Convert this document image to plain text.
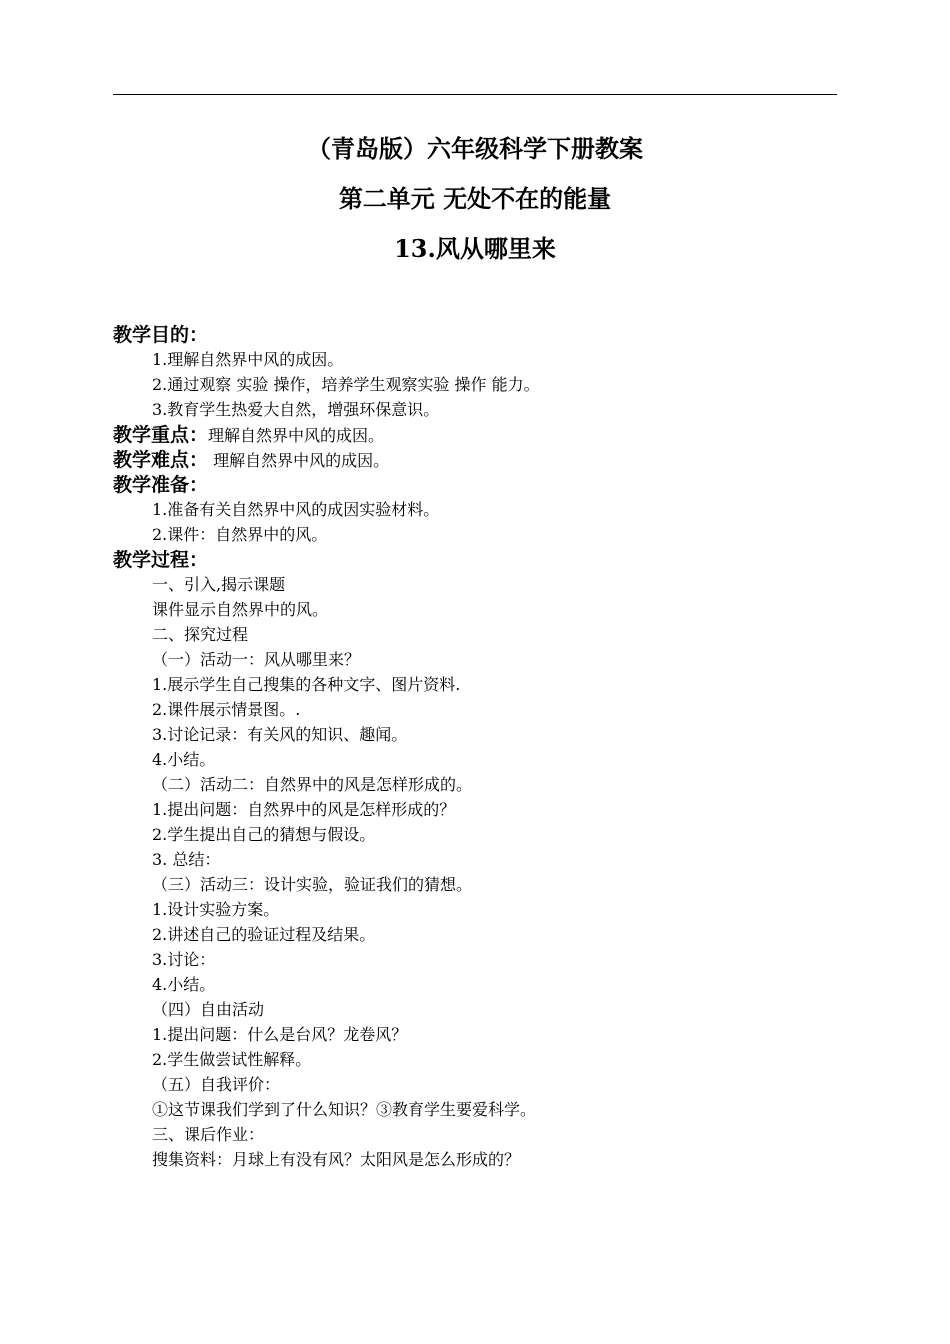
（青岛版）六年级科学下册教案
第二单元 无处不在的能量
13.风从哪里来
教学目的：
1.理解自然界中风的成因。
2.通过观察 实验 操作，培养学生观察实验 操作 能力。
3.教育学生热爱大自然，增强环保意识。
教学重点：理解自然界中风的成因。
教学难点： 理解自然界中风的成因。
教学准备：
1.准备有关自然界中风的成因实验材料。
2.课件：自然界中的风。
教学过程：
一、引入,揭示课题
课件显示自然界中的风。
二、探究过程
（一）活动一：风从哪里来？
1.展示学生自己搜集的各种文字、图片资料.
2.课件展示情景图。.
3.讨论记录：有关风的知识、趣闻。
4.小结。
（二）活动二：自然界中的风是怎样形成的。
1.提出问题：自然界中的风是怎样形成的？
2.学生提出自己的猜想与假设。
3. 总结：
（三）活动三：设计实验，验证我们的猜想。
1.设计实验方案。
2.讲述自己的验证过程及结果。
3.讨论：
4.小结。
（四）自由活动
1.提出问题：什么是台风？龙卷风？
2.学生做尝试性解释。
（五）自我评价：
①这节课我们学到了什么知识？③教育学生要爱科学。
三、课后作业：
搜集资料：月球上有没有风？太阳风是怎么形成的？
